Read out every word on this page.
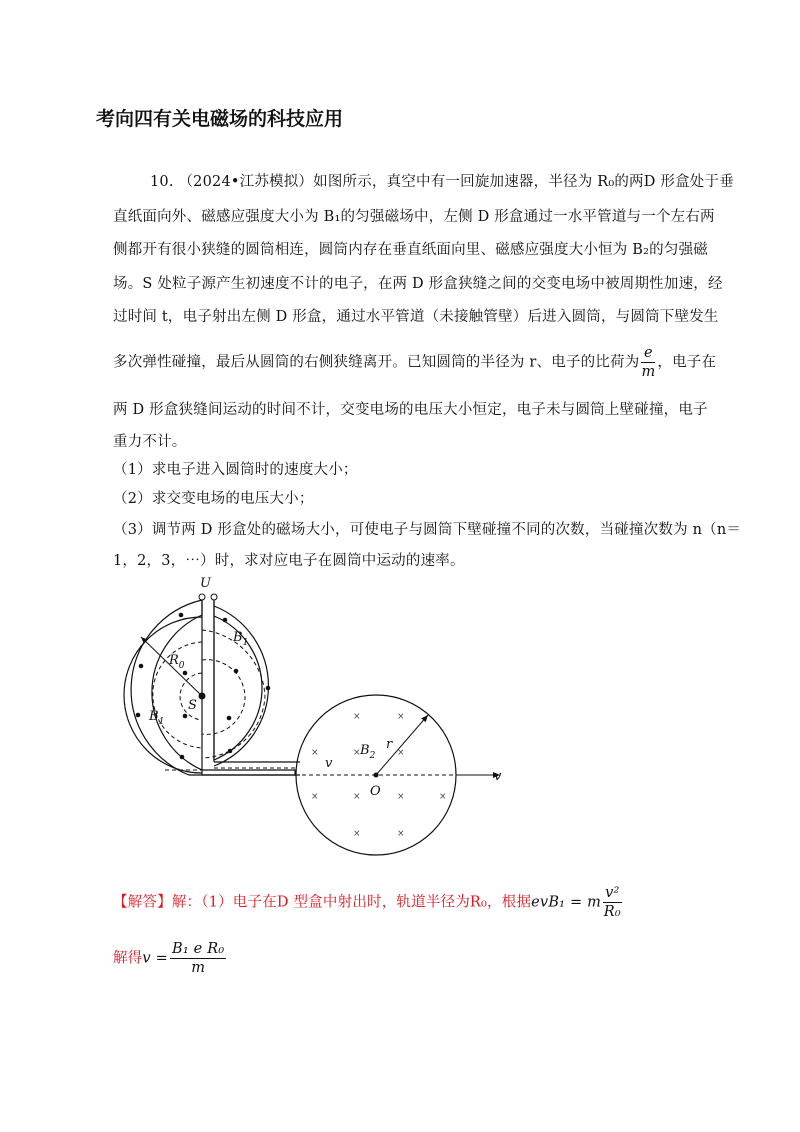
考向四有关电磁场的科技应用
10. （2024•江苏模拟）如图所示，真空中有一回旋加速器，半径为 R₀的两D 形盒处于垂
直纸面向外、磁感应强度大小为 B₁的匀强磁场中，左侧 D 形盒通过一水平管道与一个左右两
侧都开有很小狭缝的圆筒相连，圆筒内存在垂直纸面向里、磁感应强度大小恒为 B₂的匀强磁
场。S 处粒子源产生初速度不计的电子，在两 D 形盒狭缝之间的交变电场中被周期性加速，经
过时间 t，电子射出左侧 D 形盒，通过水平管道（未接触管壁）后进入圆筒，与圆筒下壁发生
多次弹性碰撞，最后从圆筒的右侧狭缝离开。已知圆筒的半径为 r、电子的比荷为 $\frac{e}{m}$ ，电子在
两 D 形盒狭缝间运动的时间不计，交变电场的电压大小恒定，电子未与圆筒上壁碰撞，电子
重力不计。
（1）求电子进入圆筒时的速度大小；
（2）求交变电场的电压大小；
（3）调节两 D 形盒处的磁场大小，可使电子与圆筒下壁碰撞不同的次数，当碰撞次数为 n（n＝
1，2，3，⋯）时，求对应电子在圆筒中运动的速率。
U
$R_0$
S
$B_1$
$B_1$
v
v
r
O
$B_2$
×	×
×	×	×
×	×	×	×
×	×
【解答】解：（1）电子在D 型盒中射出时，轨道半径为R₀，根据evB₁ = m $\frac{\text{v²}}{\text{R₀}}$
解得$v = \frac{\text{B₁ e R₀}}{m}$
